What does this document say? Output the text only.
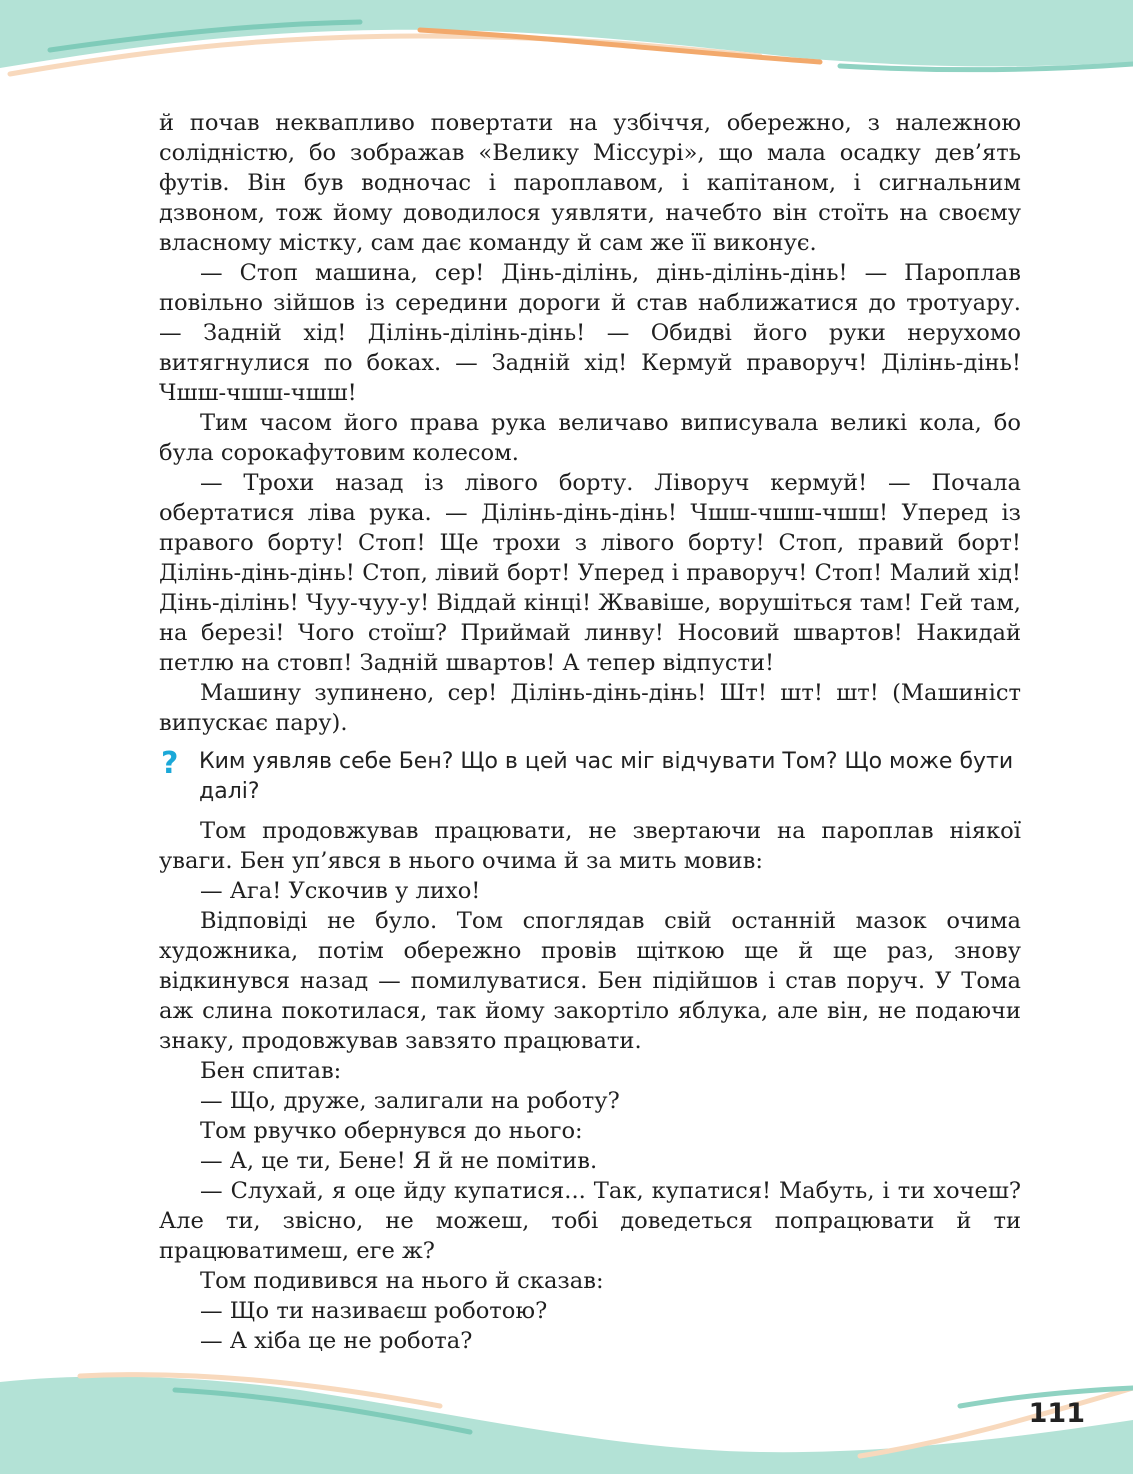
й почав неквапливо повертати на узбіччя, обережно, з належною солідністю, бо зображав «Велику Міссурі», що мала осадку дев’ять футів. Він був водночас і пароплавом, і капітаном, і сигнальним дзвоном, тож йому доводилося уявляти, начебто він стоїть на своєму власному містку, сам дає команду й сам же її виконує.

— Стоп машина, сер! Дінь-ділінь, дінь-ділінь-дінь! — Пароплав повільно зійшов із середини дороги й став наближатися до тротуару. — Задній хід! Ділінь-ділінь-дінь! — Обидві його руки нерухомо витягнулися по боках. — Задній хід! Кермуй праворуч! Ділінь-дінь! Чшш-чшш-чшш!

Тим часом його права рука величаво виписувала великі кола, бо була сорокафутовим колесом.

— Трохи назад із лівого борту. Ліворуч кермуй! — Почала обертатися ліва рука. — Ділінь-дінь-дінь! Чшш-чшш-чшш! Уперед із правого борту! Стоп! Ще трохи з лівого борту! Стоп, правий борт! Ділінь-дінь-дінь! Стоп, лівий борт! Уперед і праворуч! Стоп! Малий хід! Дінь-ділінь! Чуу-чуу-у! Віддай кінці! Жвавіше, ворушіться там! Гей там, на березі! Чого стоїш? Приймай линву! Носовий швартов! Накидай петлю на стовп! Задній швартов! А тепер відпусти!

Машину зупинено, сер! Ділінь-дінь-дінь! Шт! шт! шт! (Машиніст випускає пару).

? Ким уявляв себе Бен? Що в цей час міг відчувати Том? Що може бути далі?

Том продовжував працювати, не звертаючи на пароплав ніякої уваги. Бен уп’явся в нього очима й за мить мовив:

— Ага! Ускочив у лихо!

Відповіді не було. Том споглядав свій останній мазок очима художника, потім обережно провів щіткою ще й ще раз, знову відкинувся назад — помилуватися. Бен підійшов і став поруч. У Тома аж слина покотилася, так йому закортіло яблука, але він, не подаючи знаку, продовжував завзято працювати.

Бен спитав:

— Що, друже, залигали на роботу?

Том рвучко обернувся до нього:

— А, це ти, Бене! Я й не помітив.

— Слухай, я оце йду купатися... Так, купатися! Мабуть, і ти хочеш? Але ти, звісно, не можеш, тобі доведеться попрацювати й ти працюватимеш, еге ж?

Том подивився на нього й сказав:

— Що ти називаєш роботою?

— А хіба це не робота?

111
